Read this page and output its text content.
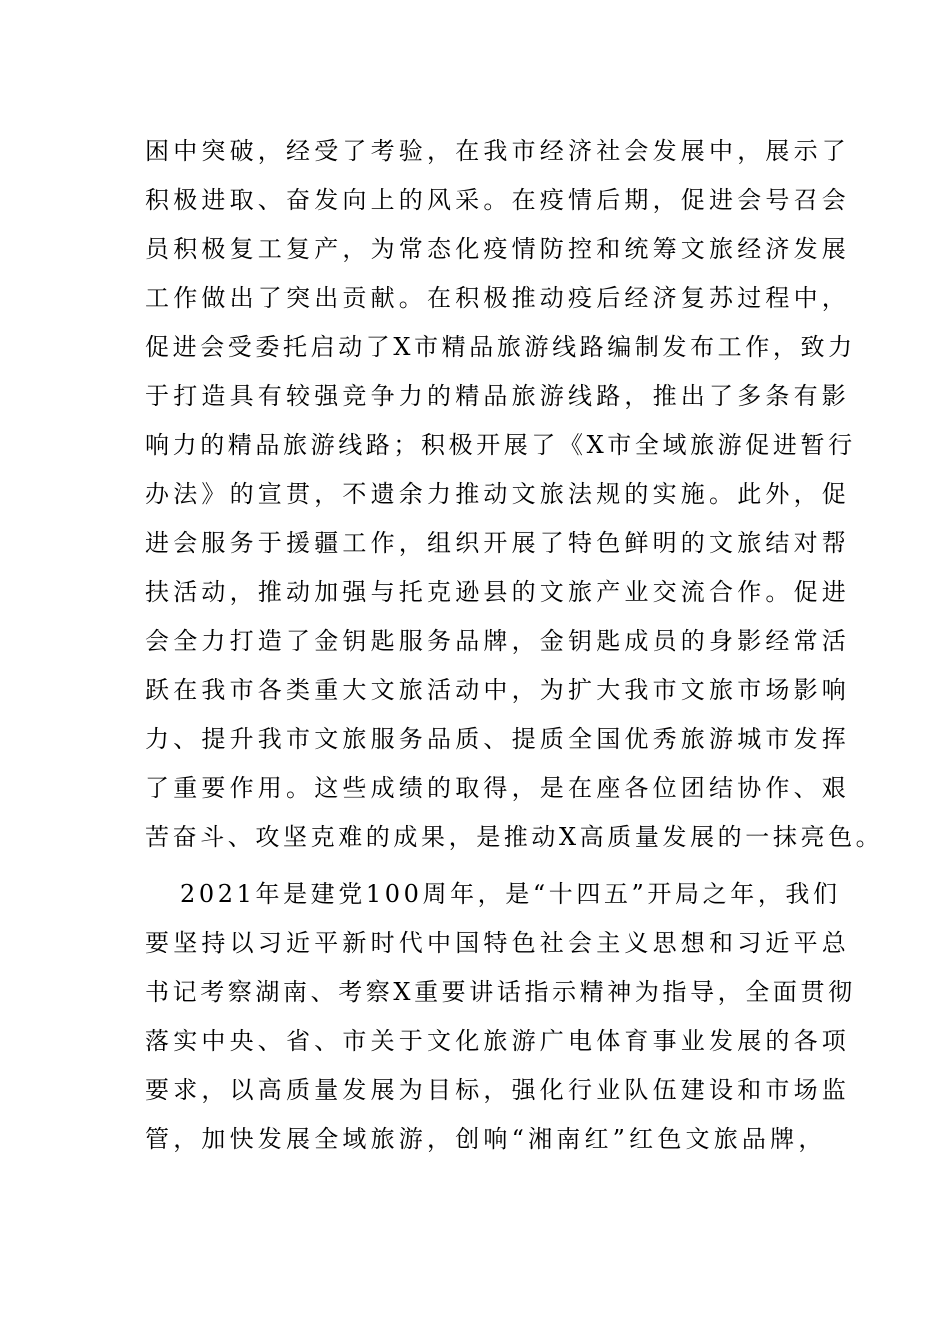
困中突破，经受了考验，在我市经济社会发展中，展示了
积极进取、奋发向上的风采。在疫情后期，促进会号召会
员积极复工复产，为常态化疫情防控和统筹文旅经济发展
工作做出了突出贡献。在积极推动疫后经济复苏过程中，
促进会受委托启动了X市精品旅游线路编制发布工作，致力
于打造具有较强竞争力的精品旅游线路，推出了多条有影
响力的精品旅游线路；积极开展了《X市全域旅游促进暂行
办法》的宣贯，不遗余力推动文旅法规的实施。此外，促
进会服务于援疆工作，组织开展了特色鲜明的文旅结对帮
扶活动，推动加强与托克逊县的文旅产业交流合作。促进
会全力打造了金钥匙服务品牌，金钥匙成员的身影经常活
跃在我市各类重大文旅活动中，为扩大我市文旅市场影响
力、提升我市文旅服务品质、提质全国优秀旅游城市发挥
了重要作用。这些成绩的取得，是在座各位团结协作、艰
苦奋斗、攻坚克难的成果，是推动X高质量发展的一抹亮色。
2021年是建党100周年，是“十四五”开局之年，我们
要坚持以习近平新时代中国特色社会主义思想和习近平总
书记考察湖南、考察X重要讲话指示精神为指导，全面贯彻
落实中央、省、市关于文化旅游广电体育事业发展的各项
要求，以高质量发展为目标，强化行业队伍建设和市场监
管，加快发展全域旅游，创响“湘南红”红色文旅品牌，
